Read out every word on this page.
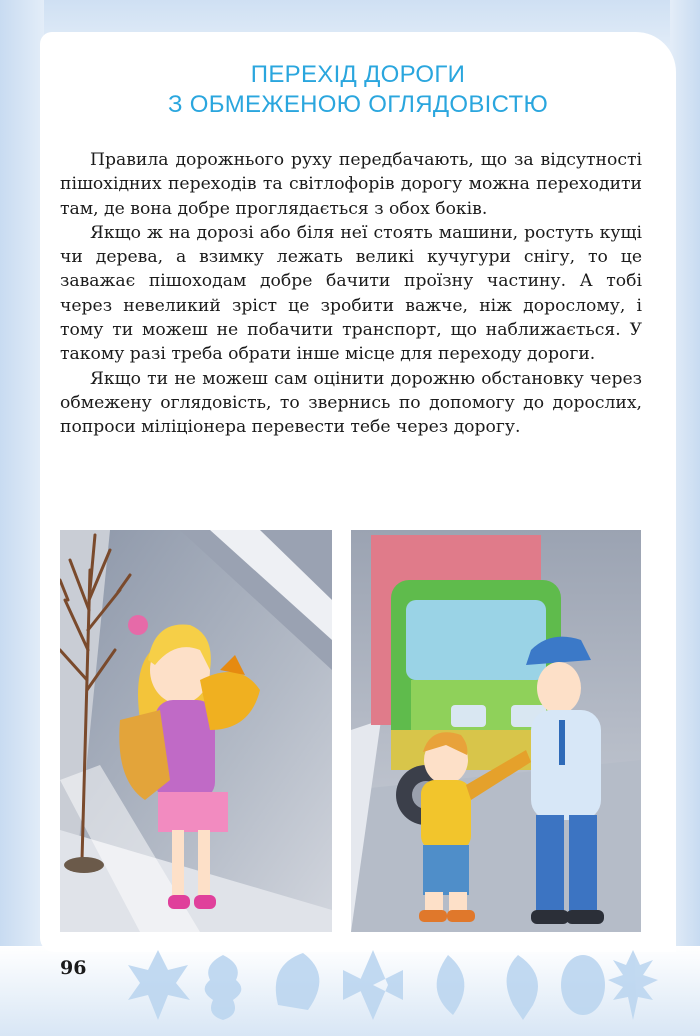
ПЕРЕХІД ДОРОГИ
З ОБМЕЖЕНОЮ ОГЛЯДОВІСТЮ

Правила дорожнього руху передбачають, що за відсутності пішохідних переходів та світлофорів дорогу можна переходити там, де вона добре проглядається з обох боків.

Якщо ж на дорозі або біля неї стоять машини, ростуть кущі чи дерева, а взимку лежать великі кучугури снігу, то це заважає пішоходам добре бачити проїзну частину. А тобі через невеликий зріст це зробити важче, ніж дорослому, і тому ти можеш не побачити транспорт, що наближається. У такому разі треба обрати інше місце для переходу дороги.

Якщо ти не можеш сам оцінити дорожню обстановку через обмежену оглядовість, то звернись по допомогу до дорослих, попроси міліціонера перевести тебе через дорогу.

96
